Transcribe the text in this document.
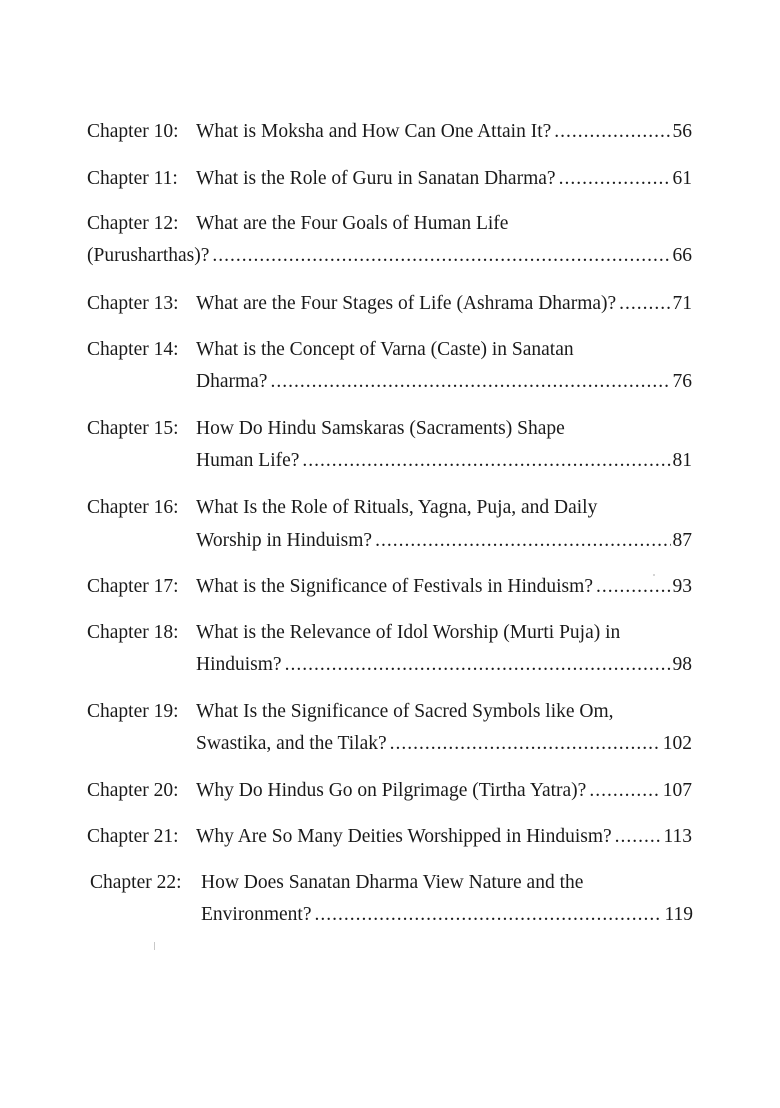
Chapter 10: What is Moksha and How Can One Attain It? .....	56
Chapter 11: What is the Role of Guru in Sanatan Dharma? .....	61
Chapter 12: What are the Four Goals of Human Life
(Purusharthas)? .....	66
Chapter 13: What are the Four Stages of Life (Ashrama Dharma)? .....	71
Chapter 14: What is the Concept of Varna (Caste) in Sanatan
Dharma? .....	76
Chapter 15: How Do Hindu Samskaras (Sacraments) Shape
Human Life? .....	81
Chapter 16: What Is the Role of Rituals, Yagna, Puja, and Daily
Worship in Hinduism? .....	87
Chapter 17: What is the Significance of Festivals in Hinduism? .....	93
Chapter 18: What is the Relevance of Idol Worship (Murti Puja) in
Hinduism? .....	98
Chapter 19: What Is the Significance of Sacred Symbols like Om,
Swastika, and the Tilak? .....	102
Chapter 20: Why Do Hindus Go on Pilgrimage (Tirtha Yatra)? .....	107
Chapter 21: Why Are So Many Deities Worshipped in Hinduism? .....	113
Chapter 22: How Does Sanatan Dharma View Nature and the
Environment? .....	119
